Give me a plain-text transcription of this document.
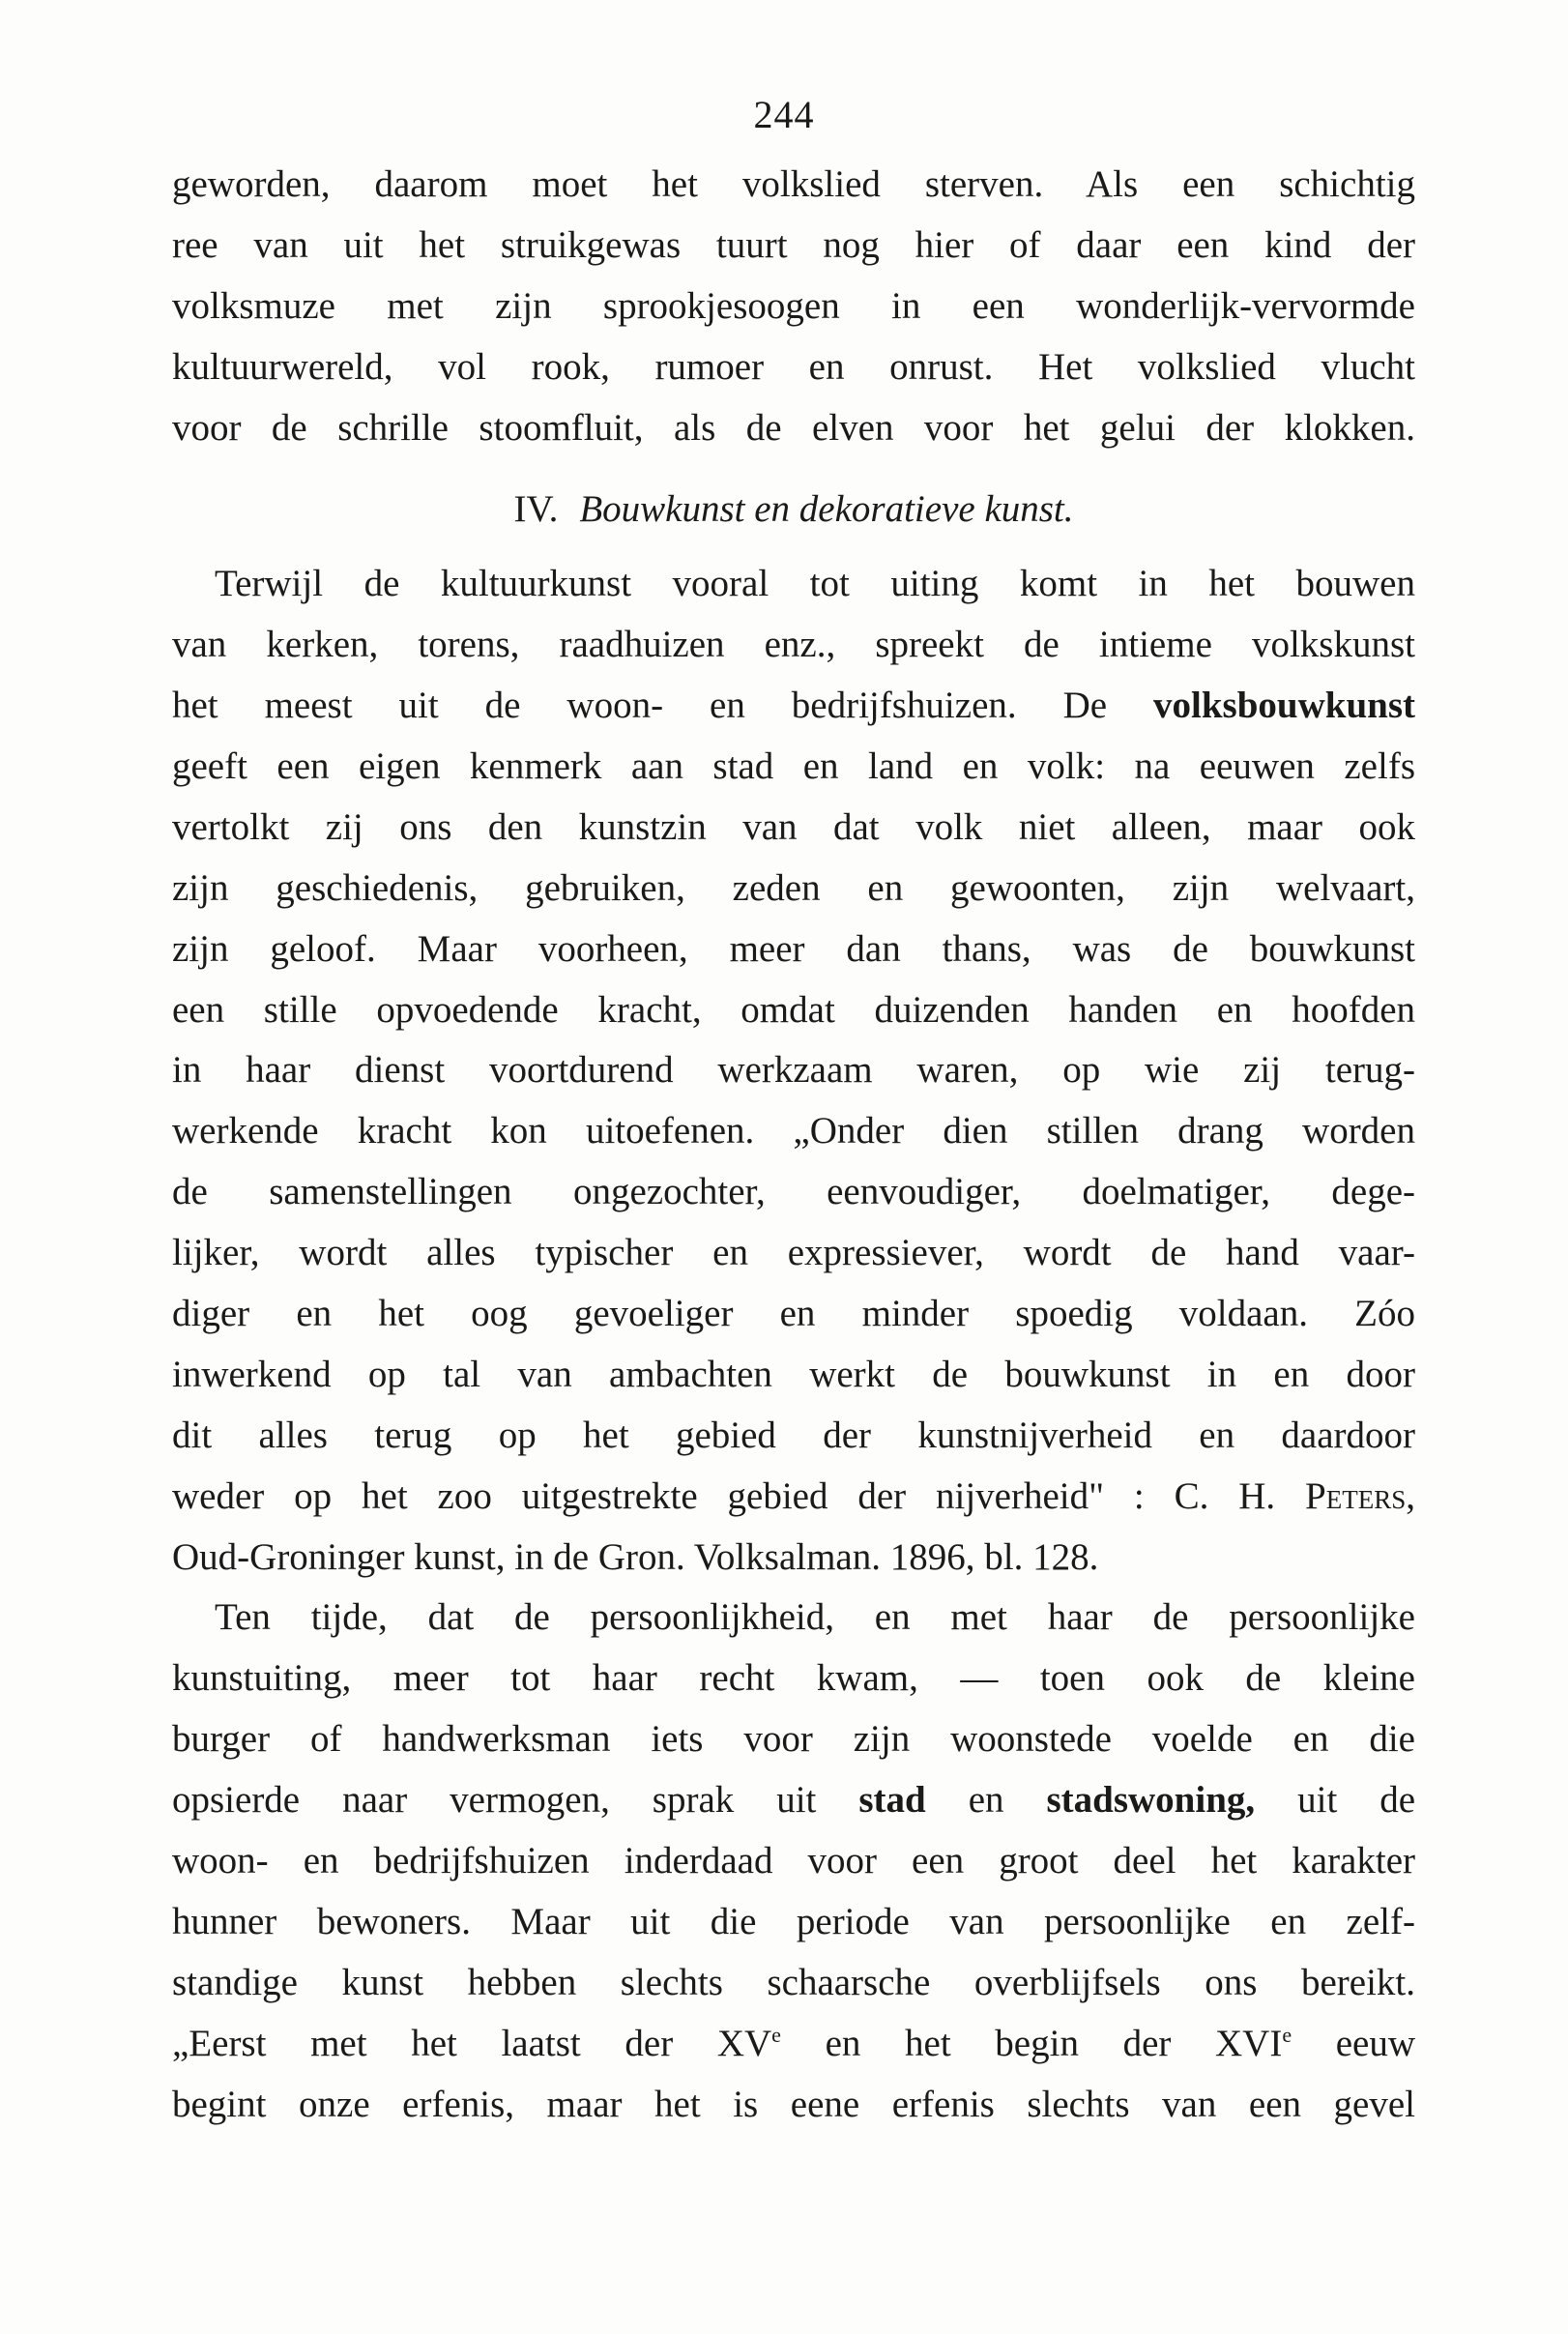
244
geworden, daarom moet het volkslied sterven. Als een schichtig
ree van uit het struikgewas tuurt nog hier of daar een kind der
volksmuze met zijn sprookjesoogen in een wonderlijk-vervormde
kultuurwereld, vol rook, rumoer en onrust. Het volkslied vlucht
voor de schrille stoomfluit, als de elven voor het gelui der klokken.
IV. Bouwkunst en dekoratieve kunst.
Terwijl de kultuurkunst vooral tot uiting komt in het bouwen
van kerken, torens, raadhuizen enz., spreekt de intieme volkskunst
het meest uit de woon- en bedrijfshuizen. De volksbouwkunst
geeft een eigen kenmerk aan stad en land en volk: na eeuwen zelfs
vertolkt zij ons den kunstzin van dat volk niet alleen, maar ook
zijn geschiedenis, gebruiken, zeden en gewoonten, zijn welvaart,
zijn geloof. Maar voorheen, meer dan thans, was de bouwkunst
een stille opvoedende kracht, omdat duizenden handen en hoofden
in haar dienst voortdurend werkzaam waren, op wie zij terug-
werkende kracht kon uitoefenen. „Onder dien stillen drang worden
de samenstellingen ongezochter, eenvoudiger, doelmatiger, dege-
lijker, wordt alles typischer en expressiever, wordt de hand vaar-
diger en het oog gevoeliger en minder spoedig voldaan. Zóo
inwerkend op tal van ambachten werkt de bouwkunst in en door
dit alles terug op het gebied der kunstnijverheid en daardoor
weder op het zoo uitgestrekte gebied der nijverheid" : C. H. Peters,
Oud-Groninger kunst, in de Gron. Volksalman. 1896, bl. 128.
Ten tijde, dat de persoonlijkheid, en met haar de persoonlijke
kunstuiting, meer tot haar recht kwam, — toen ook de kleine
burger of handwerksman iets voor zijn woonstede voelde en die
opsierde naar vermogen, sprak uit stad en stadswoning, uit de
woon- en bedrijfshuizen inderdaad voor een groot deel het karakter
hunner bewoners. Maar uit die periode van persoonlijke en zelf-
standige kunst hebben slechts schaarsche overblijfsels ons bereikt.
„Eerst met het laatst der XVe en het begin der XVIe eeuw
begint onze erfenis, maar het is eene erfenis slechts van een gevel
